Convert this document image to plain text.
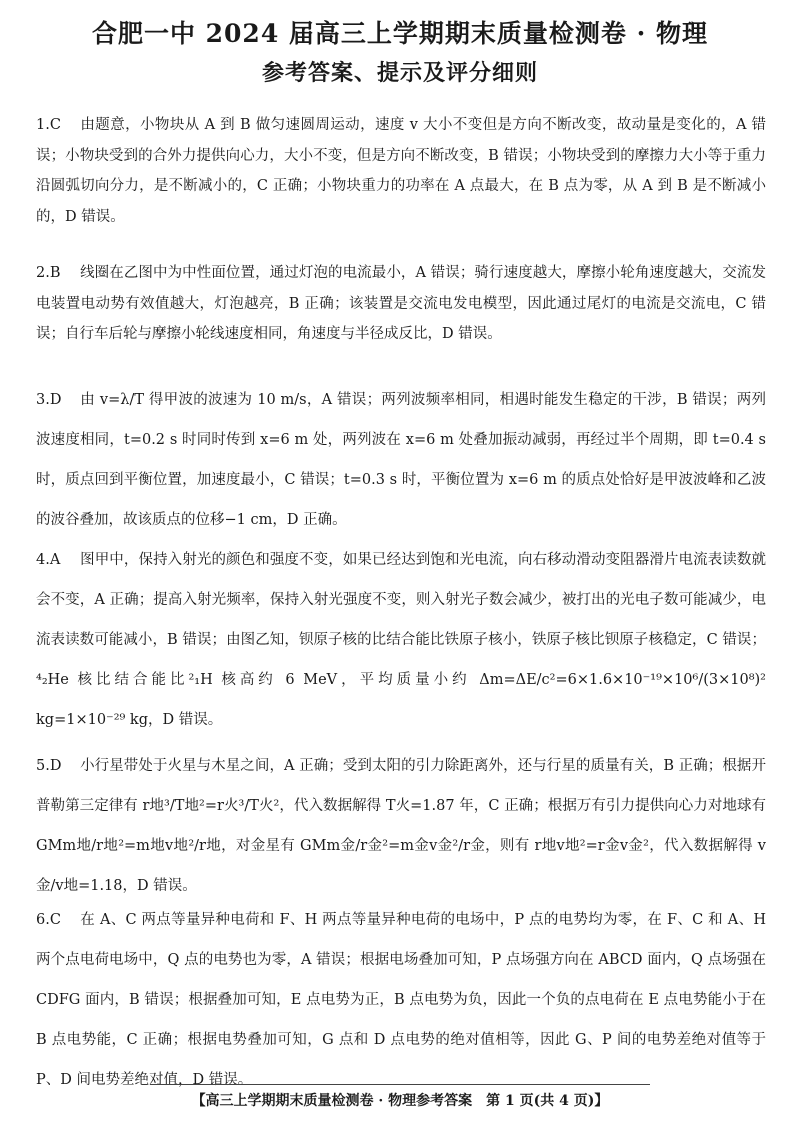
合肥一中 2024 届高三上学期期末质量检测卷 · 物理
参考答案、提示及评分细则
1.C 由题意，小物块从 A 到 B 做匀速圆周运动，速度 v 大小不变但是方向不断改变，故动量是变化的，A 错误；小物块受到的合外力提供向心力，大小不变，但是方向不断改变，B 错误；小物块受到的摩擦力大小等于重力沿圆弧切向分力，是不断减小的，C 正确；小物块重力的功率在 A 点最大，在 B 点为零，从 A 到 B 是不断减小的，D 错误。
2.B 线圈在乙图中为中性面位置，通过灯泡的电流最小，A 错误；骑行速度越大，摩擦小轮角速度越大，交流发电装置电动势有效值越大，灯泡越亮，B 正确；该装置是交流电发电模型，因此通过尾灯的电流是交流电，C 错误；自行车后轮与摩擦小轮线速度相同，角速度与半径成反比，D 错误。
3.D 由 v=λ/T 得甲波的波速为 10 m/s，A 错误；两列波频率相同，相遇时能发生稳定的干涉，B 错误；两列波速度相同，t=0.2 s 时同时传到 x=6 m 处，两列波在 x=6 m 处叠加振动减弱，再经过半个周期，即 t=0.4 s 时，质点回到平衡位置，加速度最小，C 错误；t=0.3 s 时，平衡位置为 x=6 m 的质点处恰好是甲波波峰和乙波的波谷叠加，故该质点的位移−1 cm，D 正确。
4.A 图甲中，保持入射光的颜色和强度不变，如果已经达到饱和光电流，向右移动滑动变阻器滑片电流表读数就会不变，A 正确；提高入射光频率，保持入射光强度不变，则入射光子数会减少，被打出的光电子数可能减少，电流表读数可能减小，B 错误；由图乙知，钡原子核的比结合能比铁原子核小，铁原子核比钡原子核稳定，C 错误；⁴₂He 核比结合能比²₁H 核高约 6 MeV，平均质量小约 Δm=ΔE/c²=6×1.6×10⁻¹⁹×10⁶/(3×10⁸)² kg=1×10⁻²⁹ kg，D 错误。
5.D 小行星带处于火星与木星之间，A 正确；受到太阳的引力除距离外，还与行星的质量有关，B 正确；根据开普勒第三定律有 r地³/T地²=r火³/T火²，代入数据解得 T火=1.87 年，C 正确；根据万有引力提供向心力对地球有 GMm地/r地²=m地v地²/r地，对金星有 GMm金/r金²=m金v金²/r金，则有 r地v地²=r金v金²，代入数据解得 v金/v地=1.18，D 错误。
6.C 在 A、C 两点等量异种电荷和 F、H 两点等量异种电荷的电场中，P 点的电势均为零，在 F、C 和 A、H 两个点电荷电场中，Q 点的电势也为零，A 错误；根据电场叠加可知，P 点场强方向在 ABCD 面内，Q 点场强在 CDFG 面内，B 错误；根据叠加可知，E 点电势为正，B 点电势为负，因此一个负的点电荷在 E 点电势能小于在 B 点电势能，C 正确；根据电势叠加可知，G 点和 D 点电势的绝对值相等，因此 G、P 间的电势差绝对值等于 P、D 间电势差绝对值，D 错误。
【高三上学期期末质量检测卷 · 物理参考答案　第 1 页(共 4 页)】
